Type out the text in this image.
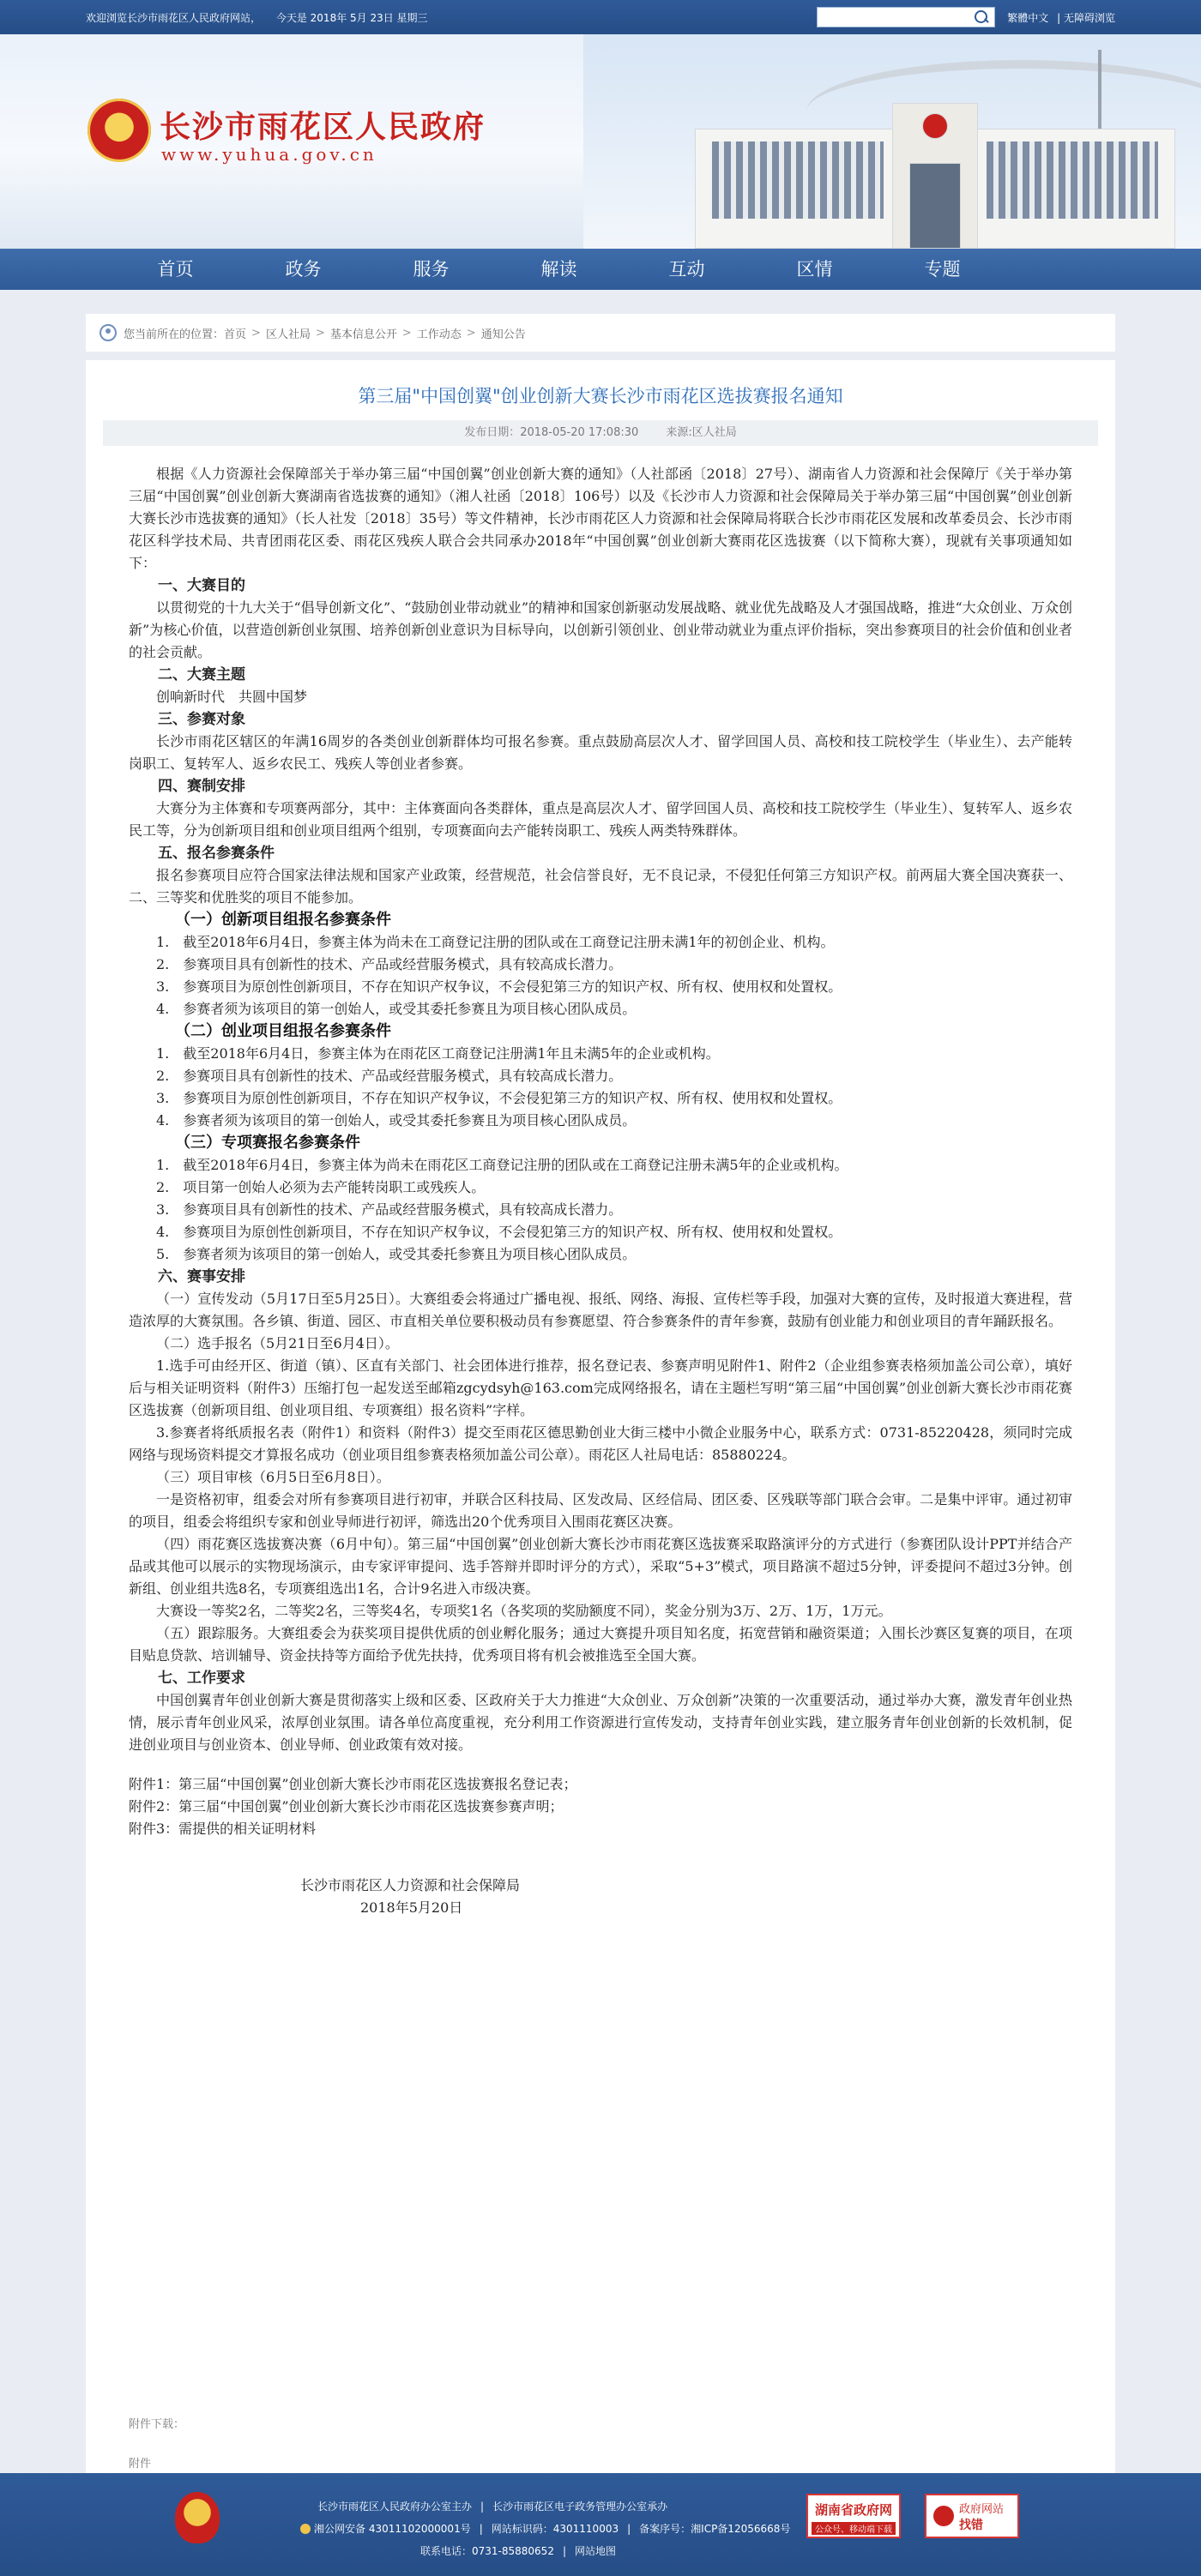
欢迎浏览长沙市雨花区人民政府网站， 今天是 2018年 5月 23日 星期三	繁體中文 | 无障碍浏览
长沙市雨花区人民政府
www.yuhua.gov.cn
首页	政务	服务	解读	互动	区情	专题
您当前所在的位置： 首页 > 区人社局 > 基本信息公开 > 工作动态 > 通知公告
第三届"中国创翼"创业创新大赛长沙市雨花区选拔赛报名通知
发布日期：2018-05-20 17:08:30 来源:区人社局

根据《人力资源社会保障部关于举办第三届“中国创翼”创业创新大赛的通知》（人社部函〔2018〕27号）、湖南省人力资源和社会保障厅《关于举办第三届“中国创翼”创业创新大赛湖南省选拔赛的通知》（湘人社函〔2018〕106号）以及《长沙市人力资源和社会保障局关于举办第三届“中国创翼”创业创新大赛长沙市选拔赛的通知》（长人社发〔2018〕35号）等文件精神，长沙市雨花区人力资源和社会保障局将联合长沙市雨花区发展和改革委员会、长沙市雨花区科学技术局、共青团雨花区委、雨花区残疾人联合会共同承办2018年“中国创翼”创业创新大赛雨花区选拔赛（以下简称大赛），现就有关事项通知如下：

一、大赛目的

以贯彻党的十九大关于“倡导创新文化”、“鼓励创业带动就业”的精神和国家创新驱动发展战略、就业优先战略及人才强国战略，推进“大众创业、万众创新”为核心价值，以营造创新创业氛围、培养创新创业意识为目标导向，以创新引领创业、创业带动就业为重点评价指标，突出参赛项目的社会价值和创业者的社会贡献。

二、大赛主题

创响新时代　共圆中国梦

三、参赛对象

长沙市雨花区辖区的年满16周岁的各类创业创新群体均可报名参赛。重点鼓励高层次人才、留学回国人员、高校和技工院校学生（毕业生）、去产能转岗职工、复转军人、返乡农民工、残疾人等创业者参赛。

四、赛制安排

大赛分为主体赛和专项赛两部分，其中：主体赛面向各类群体，重点是高层次人才、留学回国人员、高校和技工院校学生（毕业生）、复转军人、返乡农民工等，分为创新项目组和创业项目组两个组别，专项赛面向去产能转岗职工、残疾人两类特殊群体。

五、报名参赛条件

报名参赛项目应符合国家法律法规和国家产业政策，经营规范，社会信誉良好，无不良记录，不侵犯任何第三方知识产权。前两届大赛全国决赛获一、二、三等奖和优胜奖的项目不能参加。

（一）创新项目组报名参赛条件

1.　截至2018年6月4日，参赛主体为尚未在工商登记注册的团队或在工商登记注册未满1年的初创企业、机构。

2.　参赛项目具有创新性的技术、产品或经营服务模式，具有较高成长潜力。

3.　参赛项目为原创性创新项目，不存在知识产权争议，不会侵犯第三方的知识产权、所有权、使用权和处置权。

4.　参赛者须为该项目的第一创始人，或受其委托参赛且为项目核心团队成员。

（二）创业项目组报名参赛条件

1.　截至2018年6月4日，参赛主体为在雨花区工商登记注册满1年且未满5年的企业或机构。

2.　参赛项目具有创新性的技术、产品或经营服务模式，具有较高成长潜力。

3.　参赛项目为原创性创新项目，不存在知识产权争议，不会侵犯第三方的知识产权、所有权、使用权和处置权。

4.　参赛者须为该项目的第一创始人，或受其委托参赛且为项目核心团队成员。

（三）专项赛报名参赛条件

1.　截至2018年6月4日，参赛主体为尚未在雨花区工商登记注册的团队或在工商登记注册未满5年的企业或机构。

2.　项目第一创始人必须为去产能转岗职工或残疾人。

3.　参赛项目具有创新性的技术、产品或经营服务模式，具有较高成长潜力。

4.　参赛项目为原创性创新项目，不存在知识产权争议，不会侵犯第三方的知识产权、所有权、使用权和处置权。

5.　参赛者须为该项目的第一创始人，或受其委托参赛且为项目核心团队成员。

六、赛事安排

（一）宣传发动（5月17日至5月25日）。大赛组委会将通过广播电视、报纸、网络、海报、宣传栏等手段，加强对大赛的宣传，及时报道大赛进程，营造浓厚的大赛氛围。各乡镇、街道、园区、市直相关单位要积极动员有参赛愿望、符合参赛条件的青年参赛，鼓励有创业能力和创业项目的青年踊跃报名。

（二）选手报名（5月21日至6月4日）。

1.选手可由经开区、街道（镇）、区直有关部门、社会团体进行推荐，报名登记表、参赛声明见附件1、附件2（企业组参赛表格须加盖公司公章），填好后与相关证明资料（附件3）压缩打包一起发送至邮箱zgcydsyh@163.com完成网络报名，请在主题栏写明“第三届“中国创翼”创业创新大赛长沙市雨花赛区选拔赛（创新项目组、创业项目组、专项赛组）报名资料”字样。

3.参赛者将纸质报名表（附件1）和资料（附件3）提交至雨花区德思勤创业大街三楼中小微企业服务中心，联系方式：0731-85220428，须同时完成网络与现场资料提交才算报名成功（创业项目组参赛表格须加盖公司公章）。雨花区人社局电话：85880224。

（三）项目审核（6月5日至6月8日）。

一是资格初审，组委会对所有参赛项目进行初审，并联合区科技局、区发改局、区经信局、团区委、区残联等部门联合会审。二是集中评审。通过初审的项目，组委会将组织专家和创业导师进行初评，筛选出20个优秀项目入围雨花赛区决赛。

（四）雨花赛区选拔赛决赛（6月中旬）。第三届“中国创翼”创业创新大赛长沙市雨花赛区选拔赛采取路演评分的方式进行（参赛团队设计PPT并结合产品或其他可以展示的实物现场演示，由专家评审提问、选手答辩并即时评分的方式），采取“5+3”模式，项目路演不超过5分钟，评委提问不超过3分钟。创新组、创业组共选8名，专项赛组选出1名，合计9名进入市级决赛。

大赛设一等奖2名，二等奖2名，三等奖4名，专项奖1名（各奖项的奖励额度不同），奖金分别为3万、2万、1万，1万元。

（五）跟踪服务。大赛组委会为获奖项目提供优质的创业孵化服务；通过大赛提升项目知名度，拓宽营销和融资渠道；入围长沙赛区复赛的项目，在项目贴息贷款、培训辅导、资金扶持等方面给予优先扶持，优秀项目将有机会被推选至全国大赛。

七、工作要求

中国创翼青年创业创新大赛是贯彻落实上级和区委、区政府关于大力推进“大众创业、万众创新”决策的一次重要活动，通过举办大赛，激发青年创业热情，展示青年创业风采，浓厚创业氛围。请各单位高度重视，充分利用工作资源进行宣传发动，支持青年创业实践，建立服务青年创业创新的长效机制，促进创业项目与创业资本、创业导师、创业政策有效对接。

附件1：第三届“中国创翼”创业创新大赛长沙市雨花区选拔赛报名登记表；

附件2：第三届“中国创翼”创业创新大赛长沙市雨花区选拔赛参赛声明；

附件3：需提供的相关证明材料

长沙市雨花区人力资源和社会保障局

2018年5月20日

附件下载：
附件
长沙市雨花区人民政府办公室主办 | 长沙市雨花区电子政务管理办公室承办
湘公网安备 43011102000001号 | 网站标识码：4301110003 | 备案序号：湘ICP备12056668号
联系电话：0731-85880652 | 网站地图
湖南省政府网
公众号、移动端下载
政府网站
找错
